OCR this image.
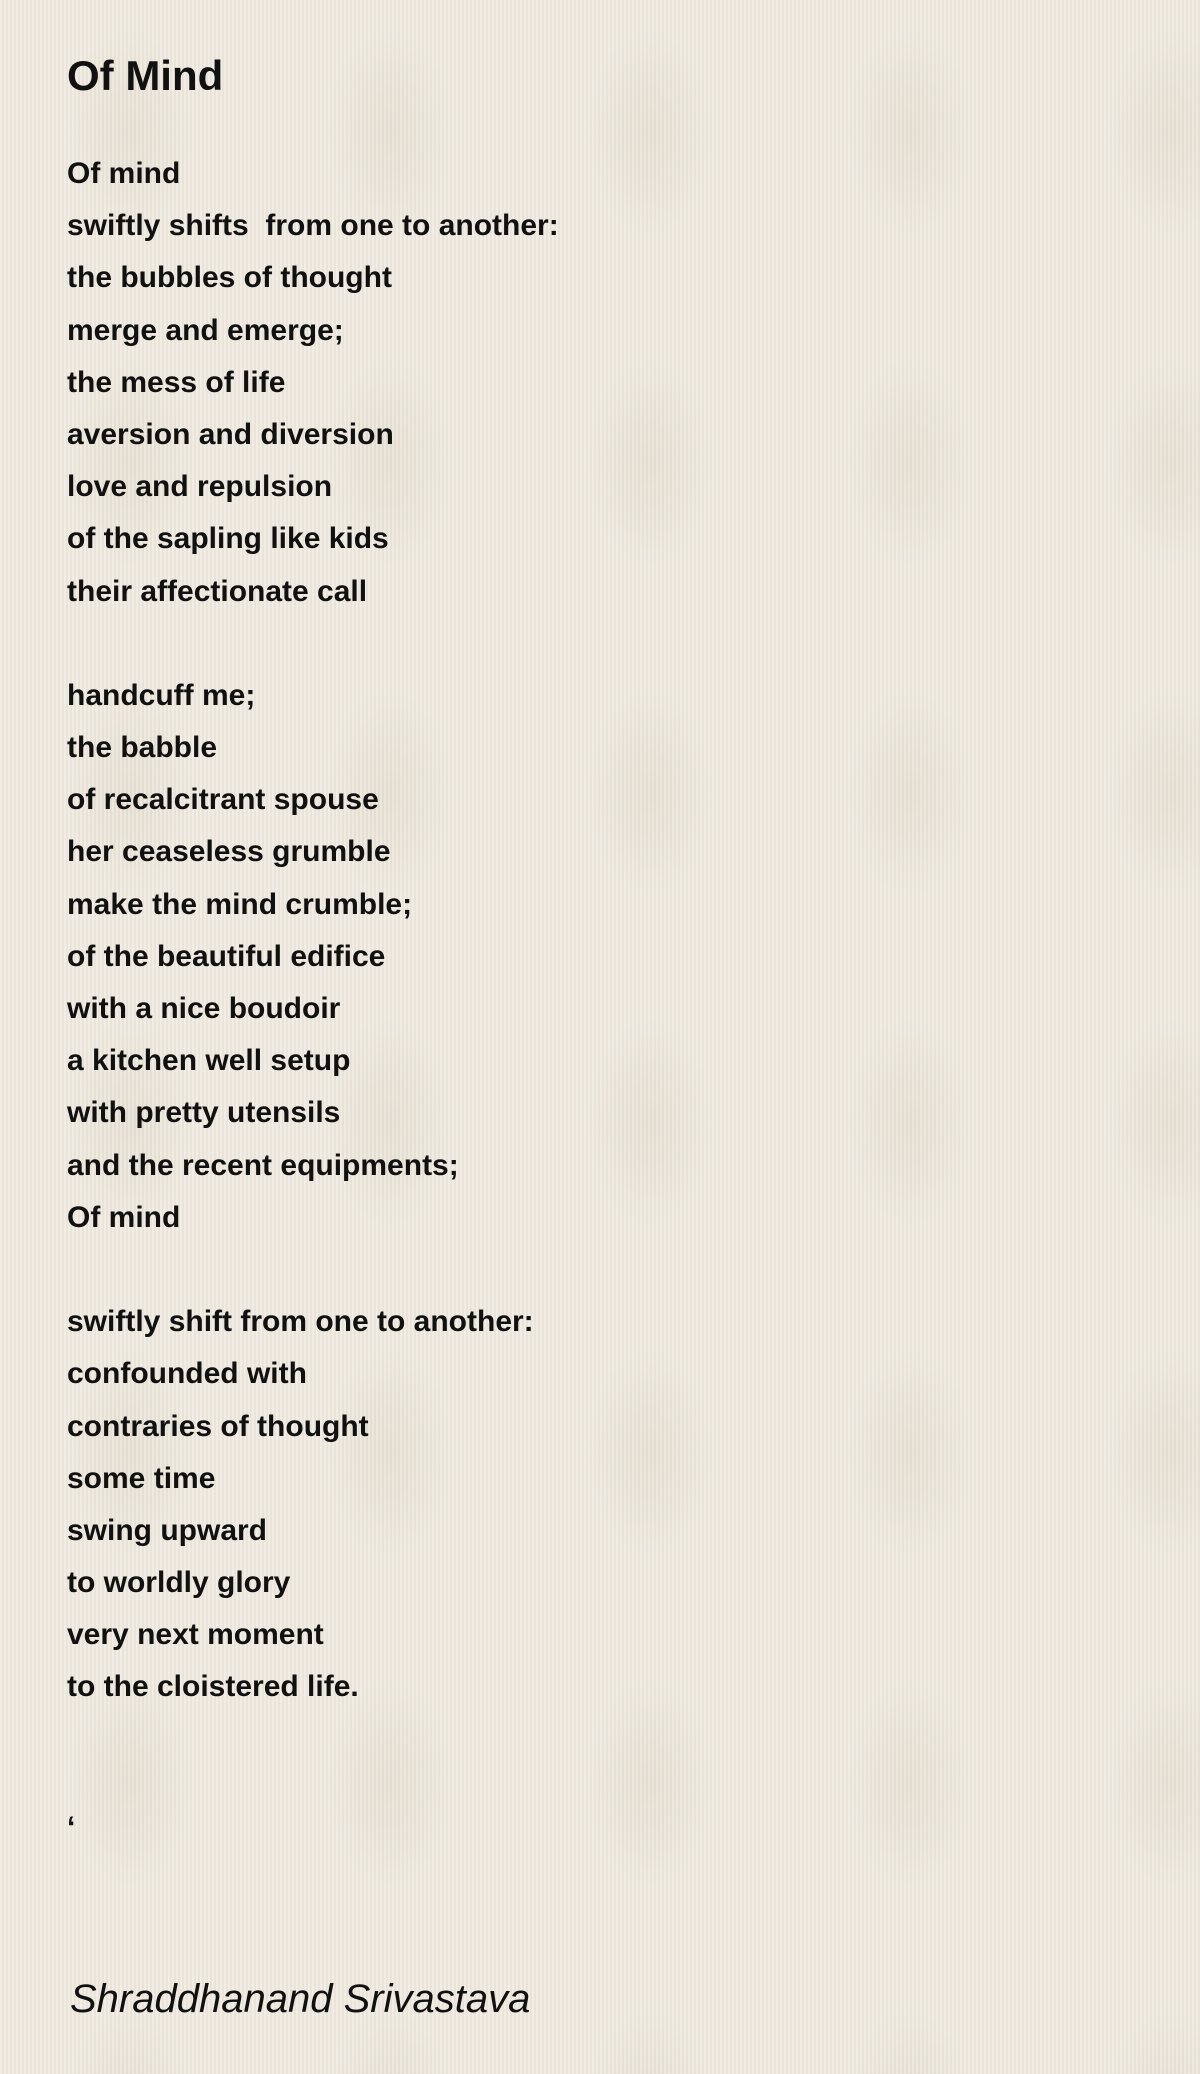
Of Mind
Of mind
swiftly shifts  from one to another:
the bubbles of thought
merge and emerge;
the mess of life
aversion and diversion
love and repulsion
of the sapling like kids
their affectionate call
handcuff me;
the babble
of recalcitrant spouse
her ceaseless grumble
make the mind crumble;
of the beautiful edifice
with a nice boudoir
a kitchen well setup
with pretty utensils
and the recent equipments;
Of mind
swiftly shift from one to another:
confounded with
contraries of thought
some time
swing upward
to worldly glory
very next moment
to the cloistered life.
‘
Shraddhanand Srivastava
